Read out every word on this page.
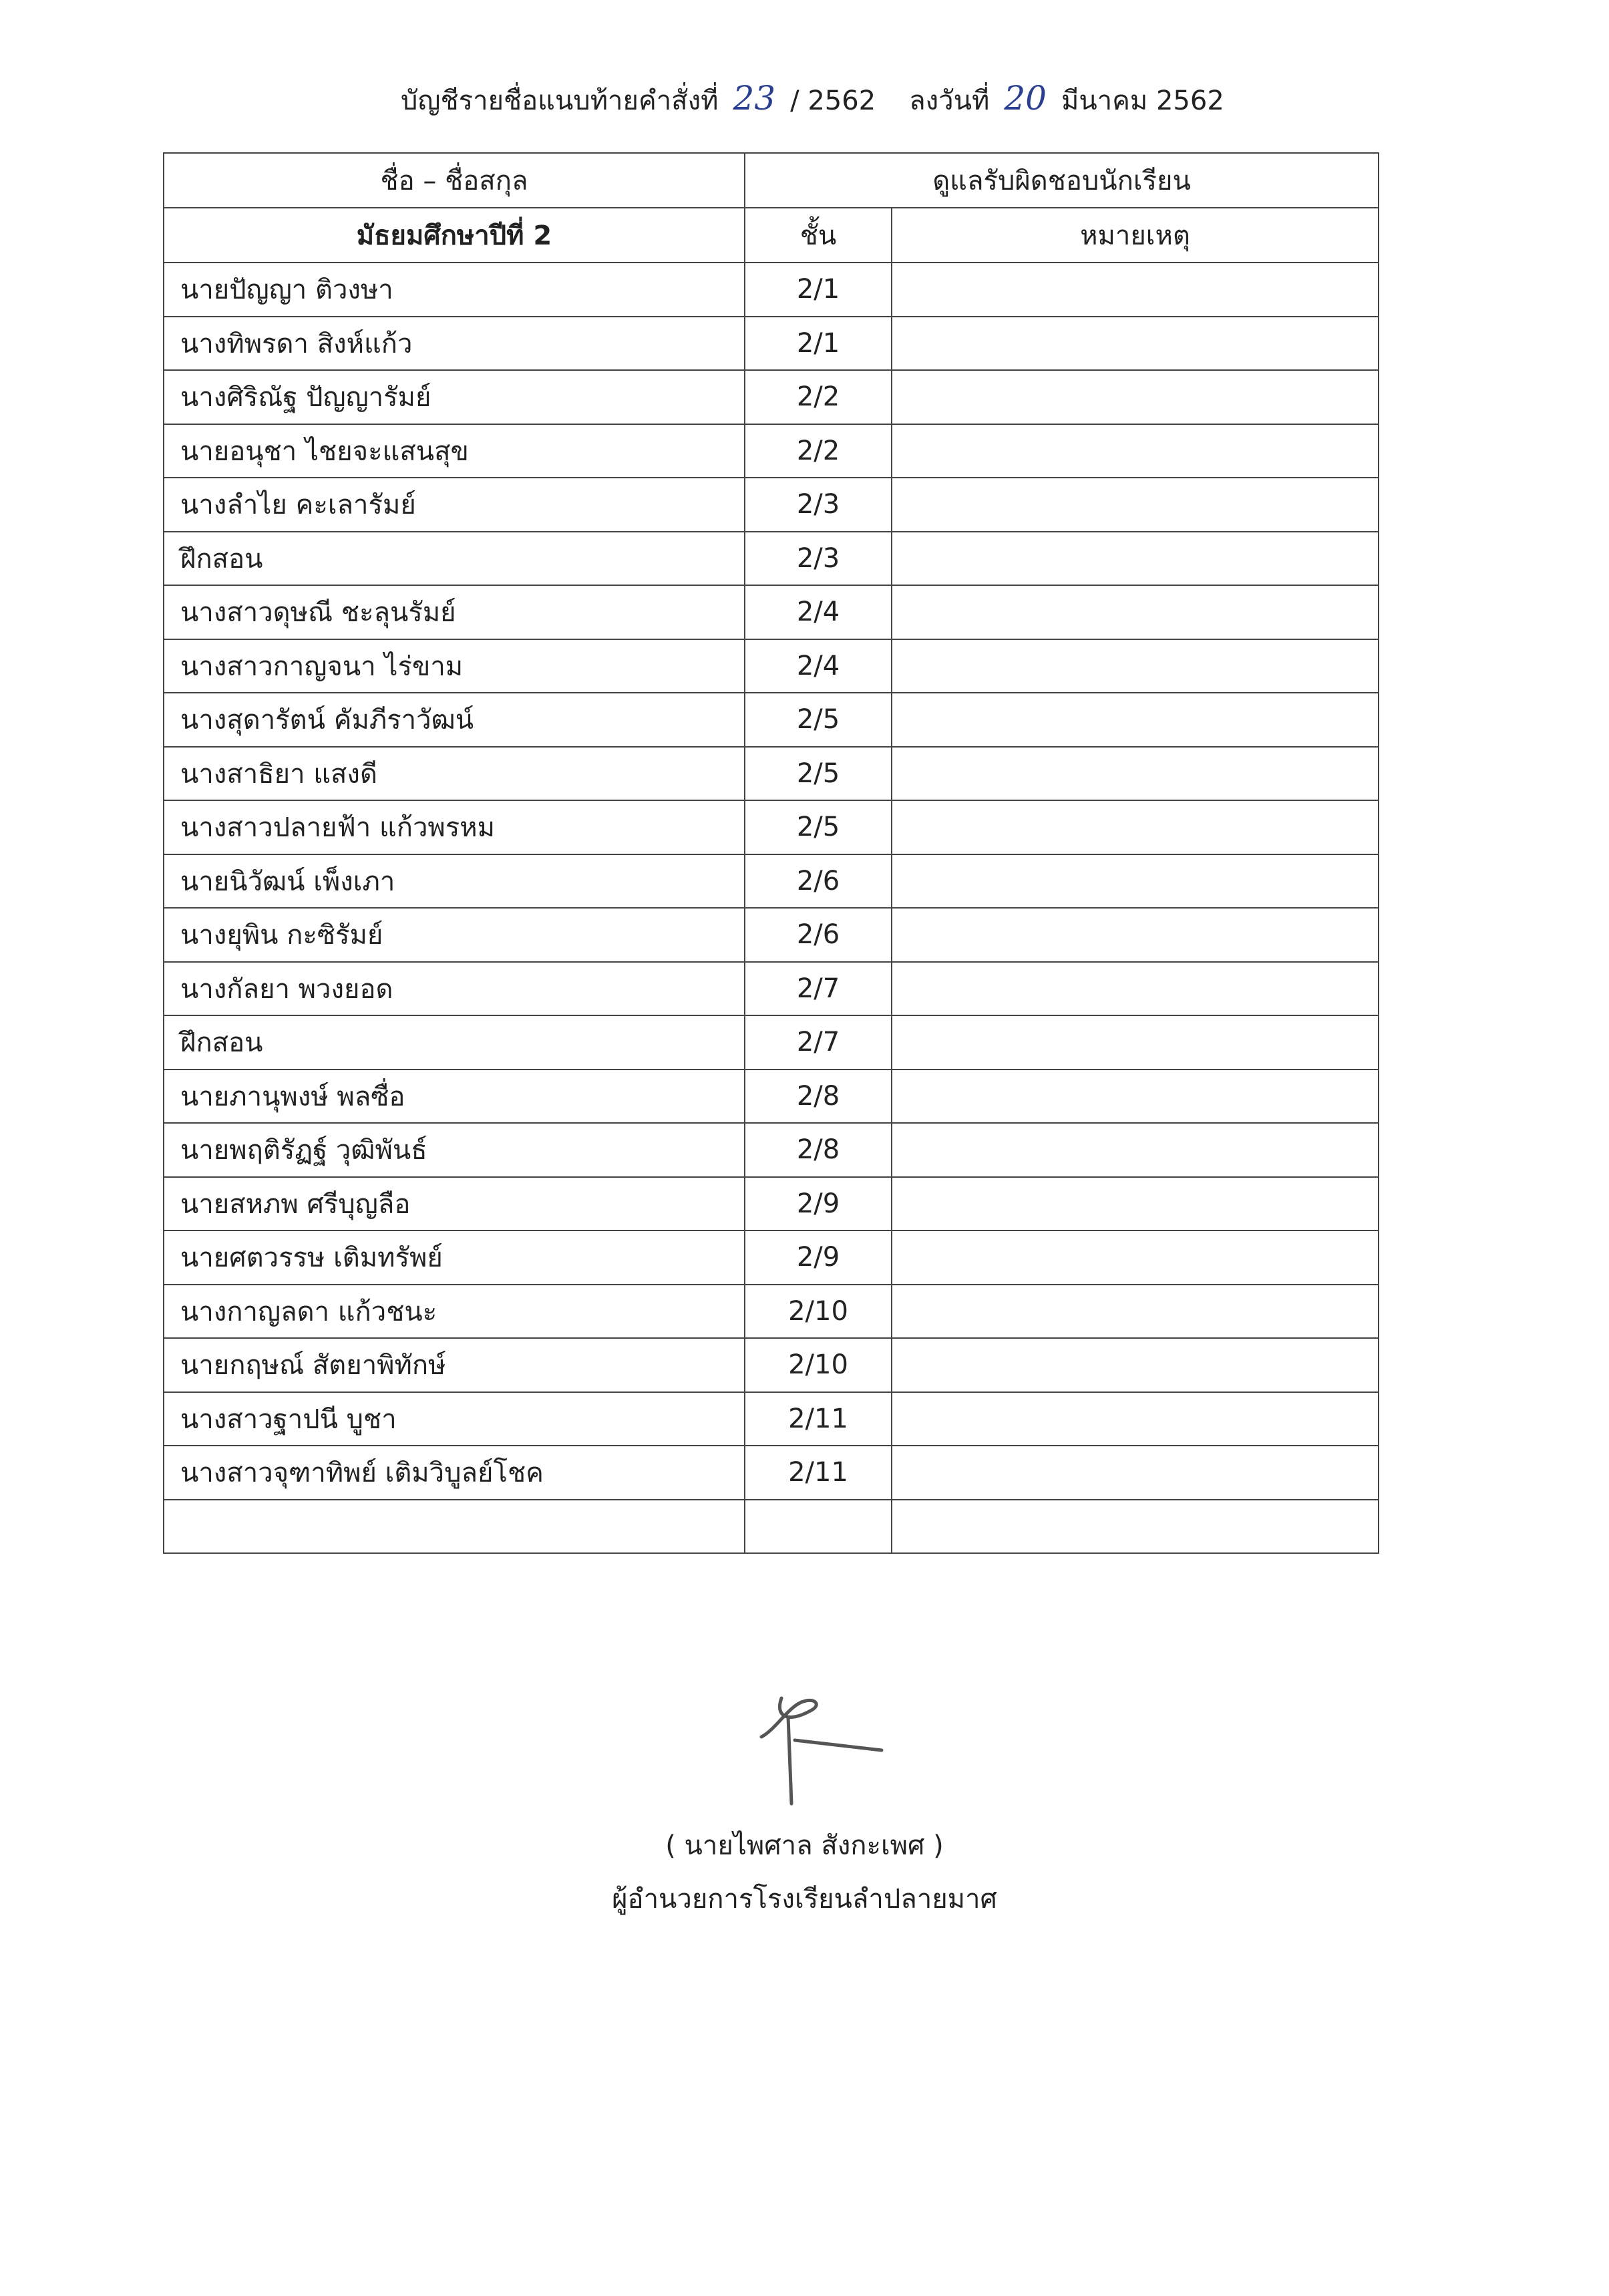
บัญชีรายชื่อแนบท้ายคำสั่งที่ 23 / 2562 ลงวันที่ 20 มีนาคม 2562
ชื่อ – ชื่อสกุล	ดูแลรับผิดชอบนักเรียน	
มัธยมศึกษาปีที่ 2	ชั้น	หมายเหตุ
นายปัญญา ติวงษา	2/1	
นางทิพรดา สิงห์แก้ว	2/1	
นางศิริณัฐ ปัญญารัมย์	2/2	
นายอนุชา ไชยจะแสนสุข	2/2	
นางลำไย คะเลารัมย์	2/3	
ฝึกสอน	2/3	
นางสาวดุษณี ชะลุนรัมย์	2/4	
นางสาวกาญจนา ไร่ขาม	2/4	
นางสุดารัตน์ คัมภีราวัฒน์	2/5	
นางสาธิยา แสงดี	2/5	
นางสาวปลายฟ้า แก้วพรหม	2/5	
นายนิวัฒน์ เพ็งเภา	2/6	
นางยุพิน กะซิรัมย์	2/6	
นางกัลยา พวงยอด	2/7	
ฝึกสอน	2/7	
นายภานุพงษ์ พลซื่อ	2/8	
นายพฤติรัฏฐ์ วุฒิพันธ์	2/8	
นายสหภพ ศรีบุญลือ	2/9	
นายศตวรรษ เติมทรัพย์	2/9	
นางกาญลดา แก้วชนะ	2/10	
นายกฤษณ์ สัตยาพิทักษ์	2/10	
นางสาวฐาปนี บูชา	2/11	
นางสาวจุฑาทิพย์ เติมวิบูลย์โชค	2/11	

( นายไพศาล สังกะเพศ )
ผู้อำนวยการโรงเรียนลำปลายมาศ
